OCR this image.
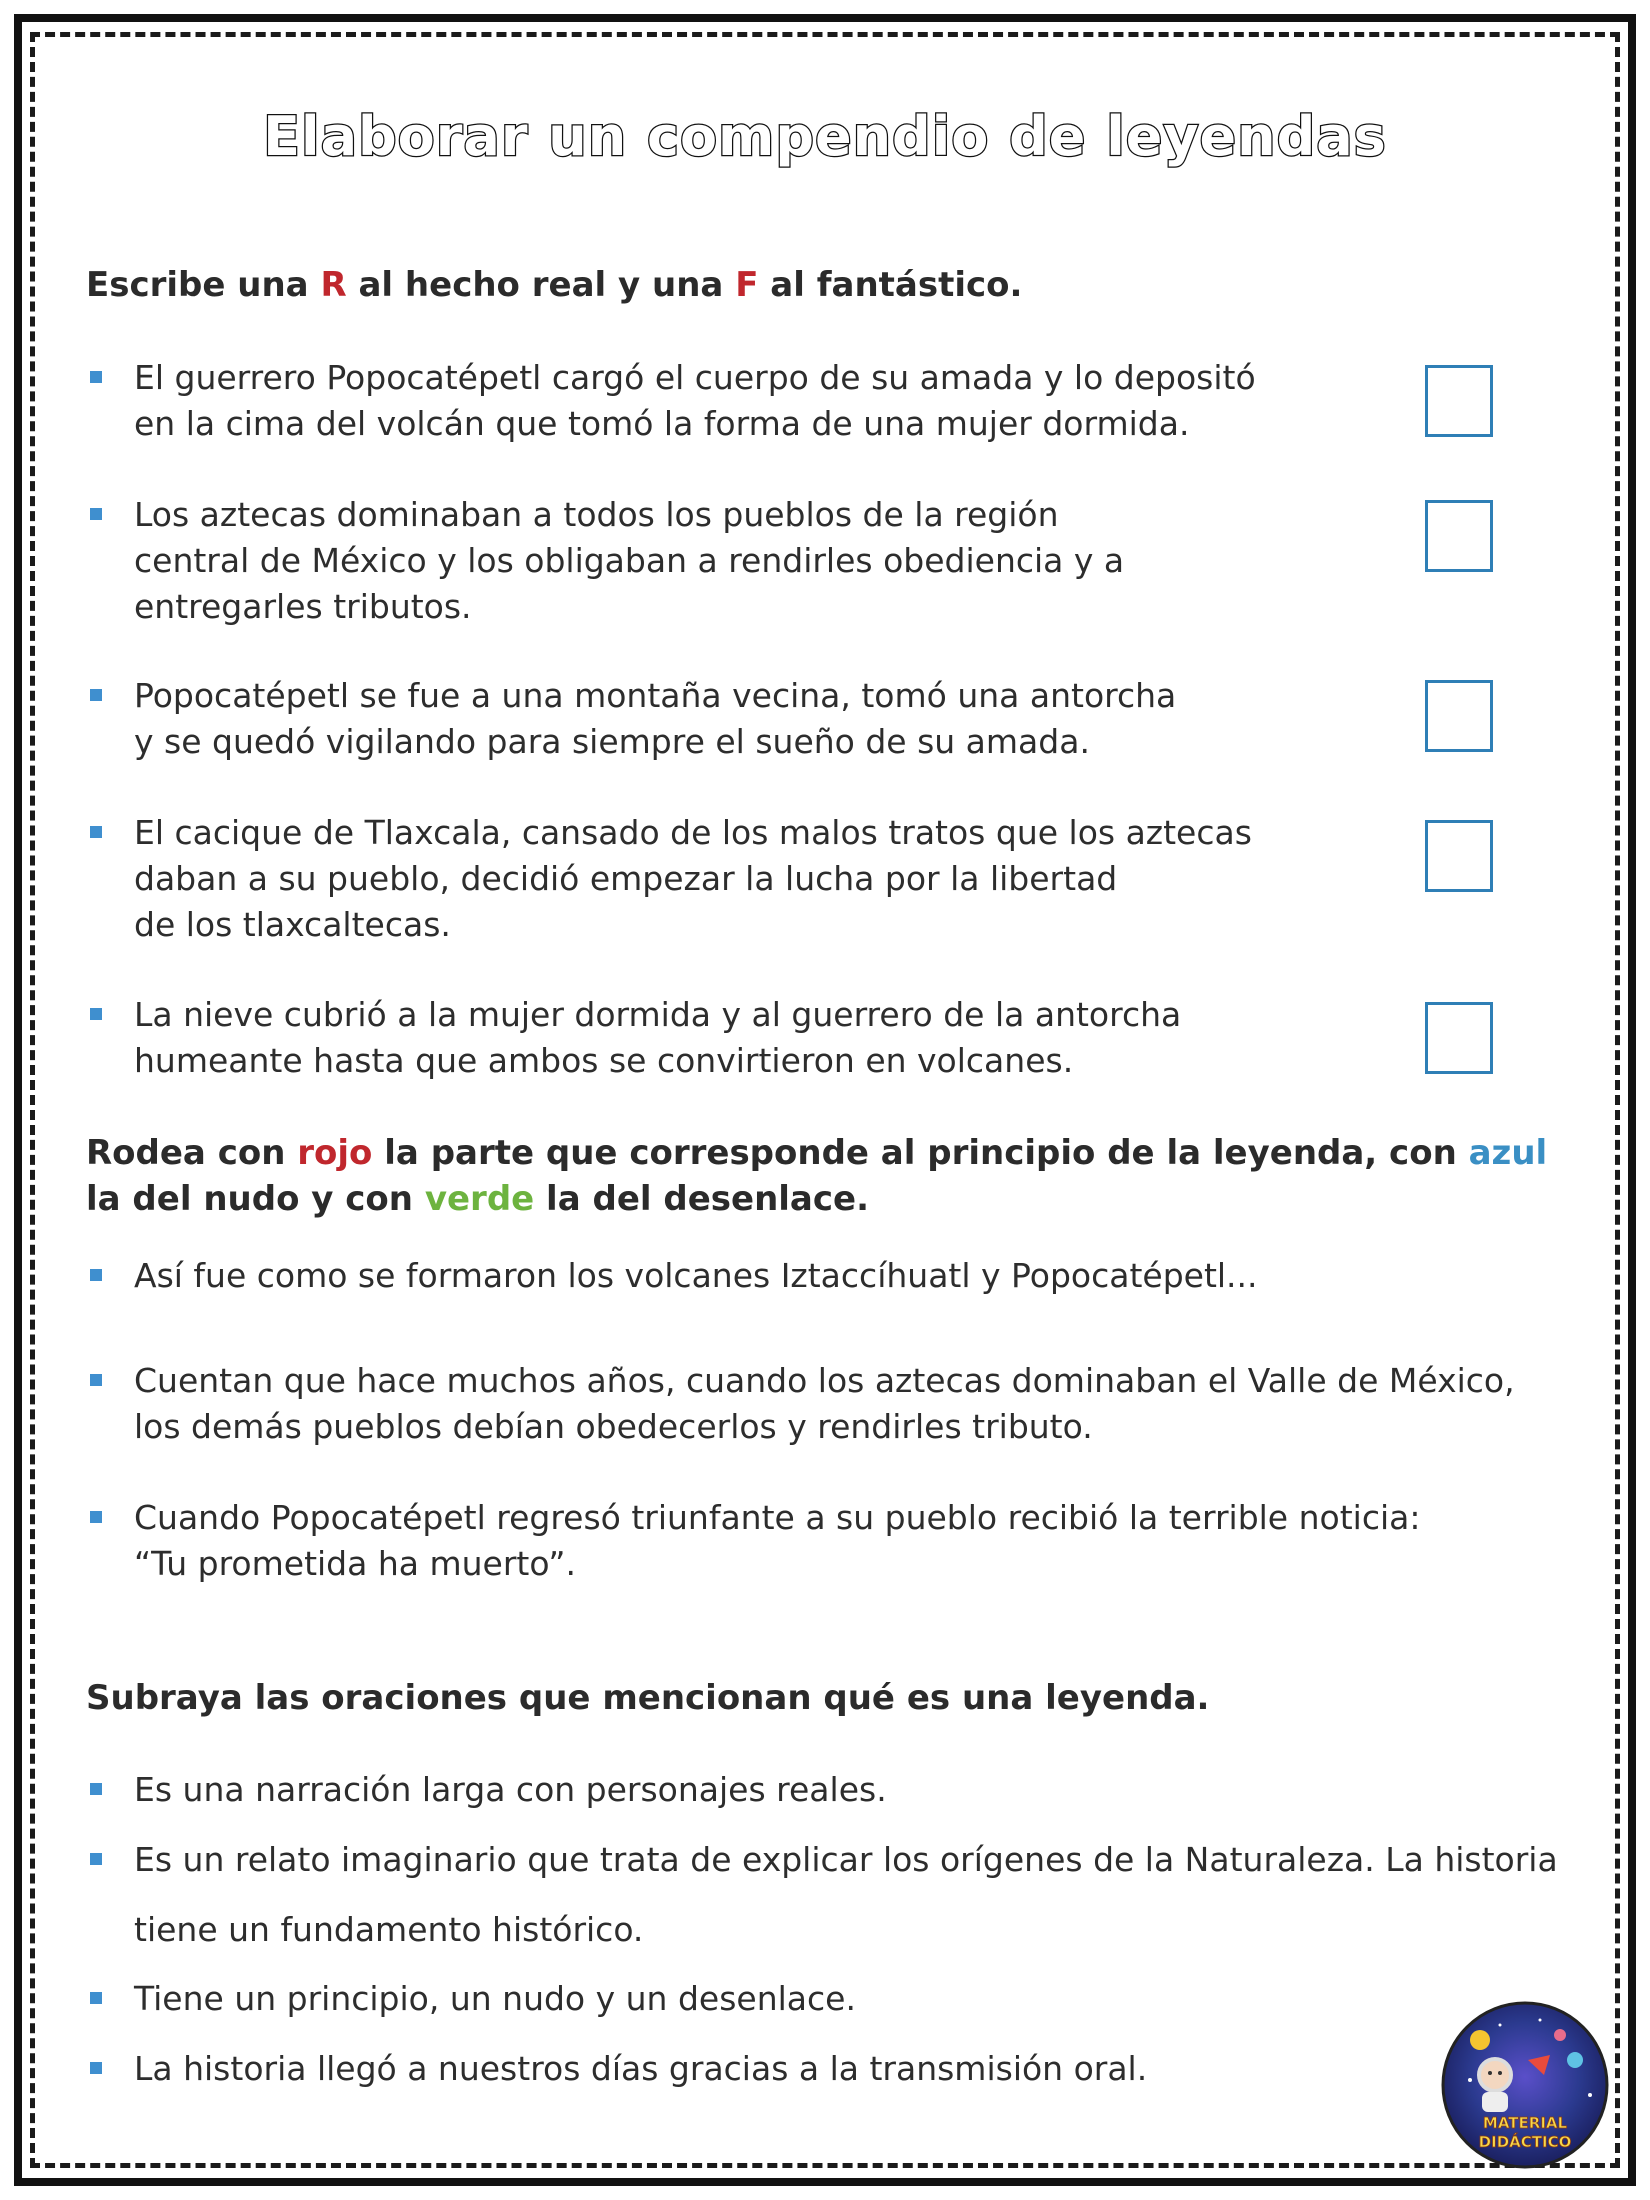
Elaborar un compendio de leyendas
Escribe una R al hecho real y una F al fantástico.
El guerrero Popocatépetl cargó el cuerpo de su amada y lo depositó
en la cima del volcán que tomó la forma de una mujer dormida.
Los aztecas dominaban a todos los pueblos de la región
central de México y los obligaban a rendirles obediencia y a
entregarles tributos.
Popocatépetl se fue a una montaña vecina, tomó una antorcha
y se quedó vigilando para siempre el sueño de su amada.
El cacique de Tlaxcala, cansado de los malos tratos que los aztecas
daban a su pueblo, decidió empezar la lucha por la libertad
de los tlaxcaltecas.
La nieve cubrió a la mujer dormida y al guerrero de la antorcha
humeante hasta que ambos se convirtieron en volcanes.
Rodea con rojo la parte que corresponde al principio de la leyenda, con azul
la del nudo y con verde la del desenlace.
Así fue como se formaron los volcanes Iztaccíhuatl y Popocatépetl...
Cuentan que hace muchos años, cuando los aztecas dominaban el Valle de México,
los demás pueblos debían obedecerlos y rendirles tributo.
Cuando Popocatépetl regresó triunfante a su pueblo recibió la terrible noticia:
“Tu prometida ha muerto”.
Subraya las oraciones que mencionan qué es una leyenda.
Es una narración larga con personajes reales.
Es un relato imaginario que trata de explicar los orígenes de la Naturaleza. La historia
tiene un fundamento histórico.
Tiene un principio, un nudo y un desenlace.
La historia llegó a nuestros días gracias a la transmisión oral.
MATERIAL
DIDÁCTICO
